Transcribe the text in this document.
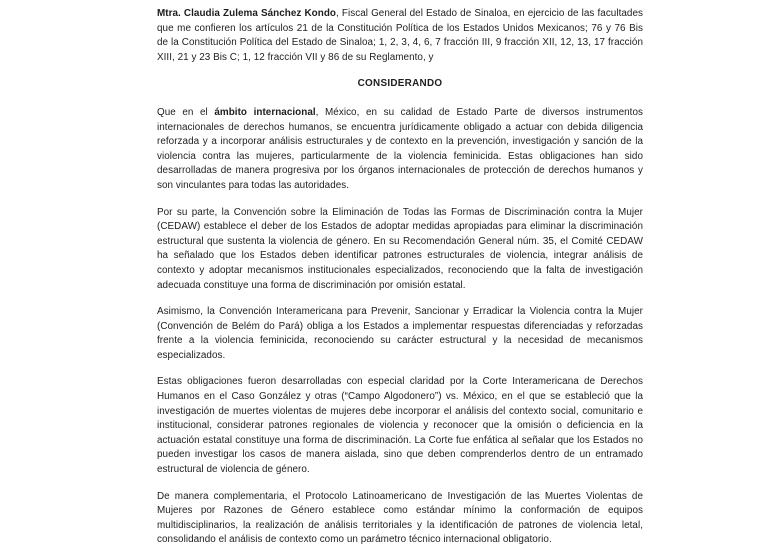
Mtra. Claudia Zulema Sánchez Kondo, Fiscal General del Estado de Sinaloa, en ejercicio de las facultades que me confieren los artículos 21 de la Constitución Política de los Estados Unidos Mexicanos; 76 y 76 Bis de la Constitución Política del Estado de Sinaloa; 1, 2, 3, 4, 6, 7 fracción III, 9 fracción XII, 12, 13, 17 fracción XIII, 21 y 23 Bis C; 1, 12 fracción VII y 86 de su Reglamento, y

CONSIDERANDO

Que en el ámbito internacional, México, en su calidad de Estado Parte de diversos instrumentos internacionales de derechos humanos, se encuentra jurídicamente obligado a actuar con debida diligencia reforzada y a incorporar análisis estructurales y de contexto en la prevención, investigación y sanción de la violencia contra las mujeres, particularmente de la violencia feminicida. Estas obligaciones han sido desarrolladas de manera progresiva por los órganos internacionales de protección de derechos humanos y son vinculantes para todas las autoridades.

Por su parte, la Convención sobre la Eliminación de Todas las Formas de Discriminación contra la Mujer (CEDAW) establece el deber de los Estados de adoptar medidas apropiadas para eliminar la discriminación estructural que sustenta la violencia de género. En su Recomendación General núm. 35, el Comité CEDAW ha señalado que los Estados deben identificar patrones estructurales de violencia, integrar análisis de contexto y adoptar mecanismos institucionales especializados, reconociendo que la falta de investigación adecuada constituye una forma de discriminación por omisión estatal.

Asimismo, la Convención Interamericana para Prevenir, Sancionar y Erradicar la Violencia contra la Mujer (Convención de Belém do Pará) obliga a los Estados a implementar respuestas diferenciadas y reforzadas frente a la violencia feminicida, reconociendo su carácter estructural y la necesidad de mecanismos especializados.

Estas obligaciones fueron desarrolladas con especial claridad por la Corte Interamericana de Derechos Humanos en el Caso González y otras (“Campo Algodonero”) vs. México, en el que se estableció que la investigación de muertes violentas de mujeres debe incorporar el análisis del contexto social, comunitario e institucional, considerar patrones regionales de violencia y reconocer que la omisión o deficiencia en la actuación estatal constituye una forma de discriminación. La Corte fue enfática al señalar que los Estados no pueden investigar los casos de manera aislada, sino que deben comprenderlos dentro de un entramado estructural de violencia de género.

De manera complementaria, el Protocolo Latinoamericano de Investigación de las Muertes Violentas de Mujeres por Razones de Género establece como estándar mínimo la conformación de equipos multidisciplinarios, la realización de análisis territoriales y la identificación de patrones de violencia letal, consolidando el análisis de contexto como un parámetro técnico internacional obligatorio.
